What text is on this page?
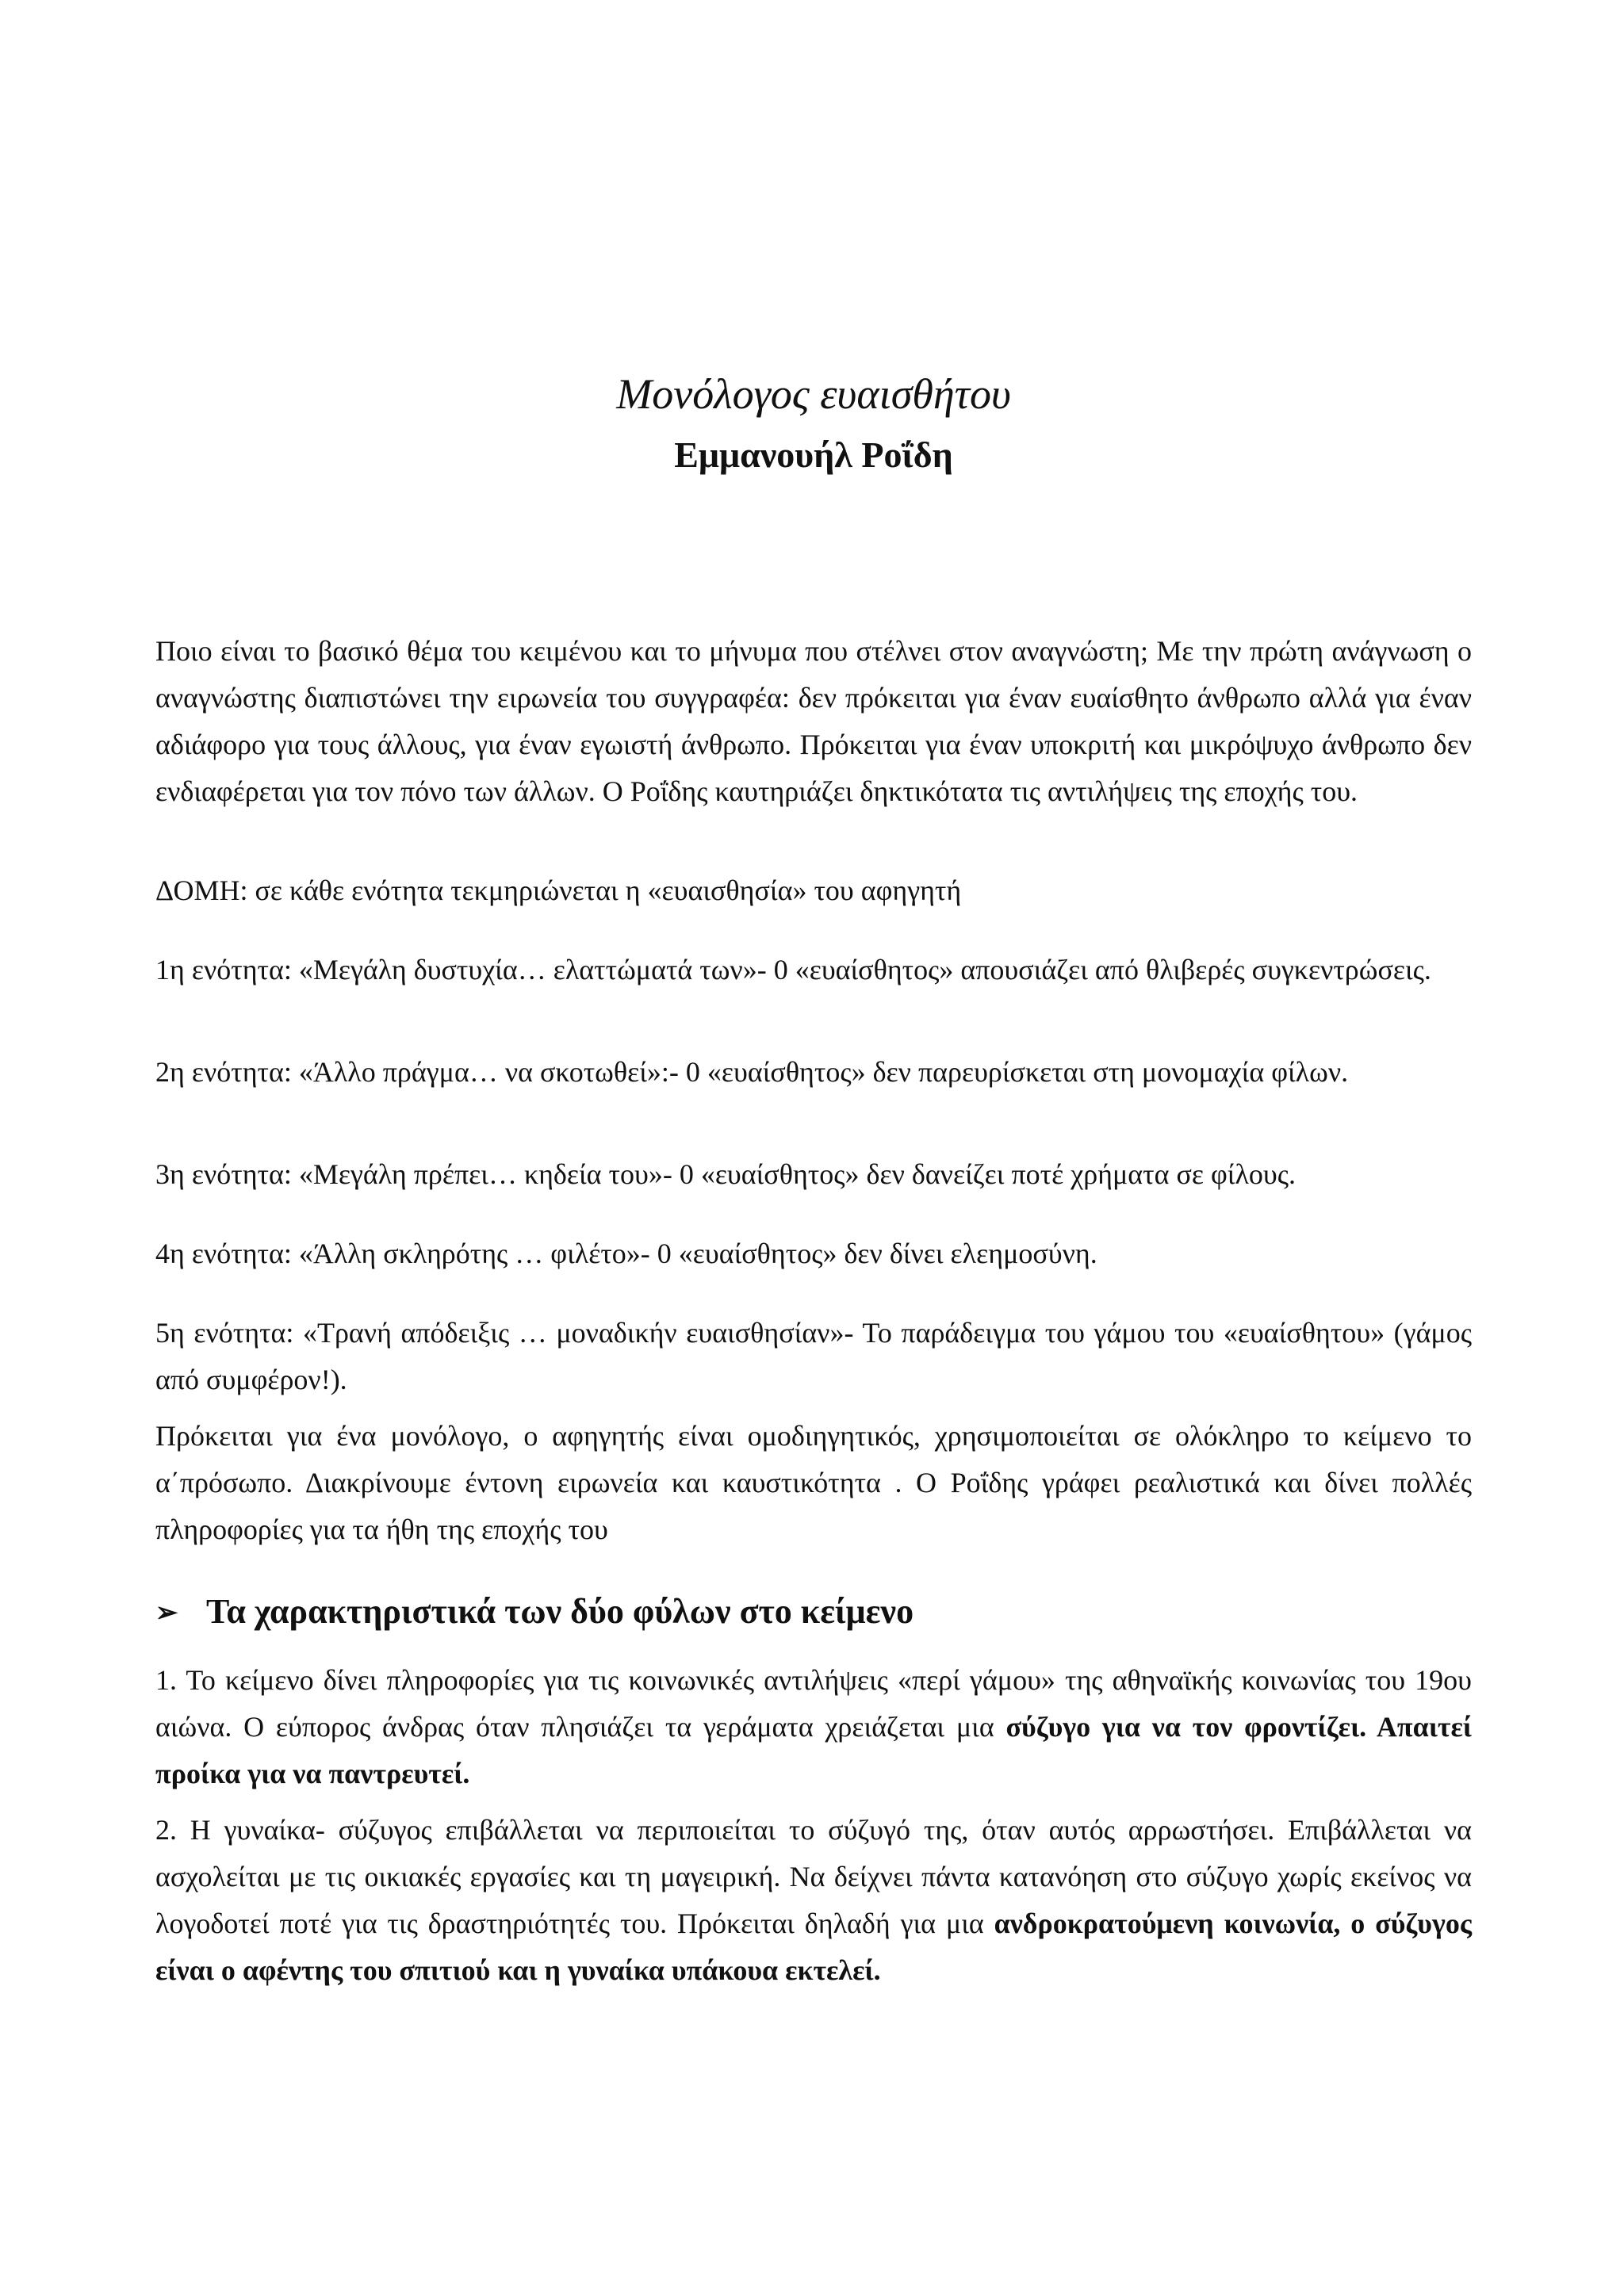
Μονόλογος ευαισθήτου
Εμμανουήλ Ροΐδη

Ποιο είναι το βασικό θέμα του κειμένου και το μήνυμα που στέλνει στον αναγνώστη; Με την πρώτη ανάγνωση ο αναγνώστης διαπιστώνει την ειρωνεία του συγγραφέα: δεν πρόκειται για έναν ευαίσθητο άνθρωπο αλλά για έναν αδιάφορο για τους άλλους, για έναν εγωιστή άνθρωπο. Πρόκειται για έναν υποκριτή και μικρόψυχο άνθρωπο δεν ενδιαφέρεται για τον πόνο των άλλων. Ο Ροΐδης καυτηριάζει δηκτικότατα τις αντιλήψεις της εποχής του.

ΔΟΜΗ: σε κάθε ενότητα τεκμηριώνεται η «ευαισθησία» του αφηγητή

1η ενότητα: «Μεγάλη δυστυχία… ελαττώματά των»- 0 «ευαίσθητος» απουσιάζει από θλιβερές συγκεντρώσεις.

2η ενότητα: «Άλλο πράγμα… να σκοτωθεί»:- 0 «ευαίσθητος» δεν παρευρίσκεται στη μονομαχία φίλων.

3η ενότητα: «Μεγάλη πρέπει… κηδεία του»- 0 «ευαίσθητος» δεν δανείζει ποτέ χρήματα σε φίλους.

4η ενότητα: «Άλλη σκληρότης … φιλέτο»- 0 «ευαίσθητος» δεν δίνει ελεημοσύνη.

5η ενότητα: «Τρανή απόδειξις … μοναδικήν ευαισθησίαν»- Το παράδειγμα του γάμου του «ευαίσθητου» (γάμος από συμφέρον!).

Πρόκειται για ένα μονόλογο, ο αφηγητής είναι ομοδιηγητικός, χρησιμοποιείται σε ολόκληρο το κείμενο το α΄πρόσωπο. Διακρίνουμε έντονη ειρωνεία και καυστικότητα . Ο Ροΐδης γράφει ρεαλιστικά και δίνει πολλές πληροφορίες για τα ήθη της εποχής του

➢ Τα χαρακτηριστικά των δύο φύλων στο κείμενο

1. Το κείμενο δίνει πληροφορίες για τις κοινωνικές αντιλήψεις «περί γάμου» της αθηναϊκής κοινωνίας του 19ου αιώνα. Ο εύπορος άνδρας όταν πλησιάζει τα γεράματα χρειάζεται μια σύζυγο για να τον φροντίζει. Απαιτεί προίκα για να παντρευτεί.

2. Η γυναίκα- σύζυγος επιβάλλεται να περιποιείται το σύζυγό της, όταν αυτός αρρωστήσει. Επιβάλλεται να ασχολείται με τις οικιακές εργασίες και τη μαγειρική. Να δείχνει πάντα κατανόηση στο σύζυγο χωρίς εκείνος να λογοδοτεί ποτέ για τις δραστηριότητές του. Πρόκειται δηλαδή για μια ανδροκρατούμενη κοινωνία, ο σύζυγος είναι ο αφέντης του σπιτιού και η γυναίκα υπάκουα εκτελεί.
